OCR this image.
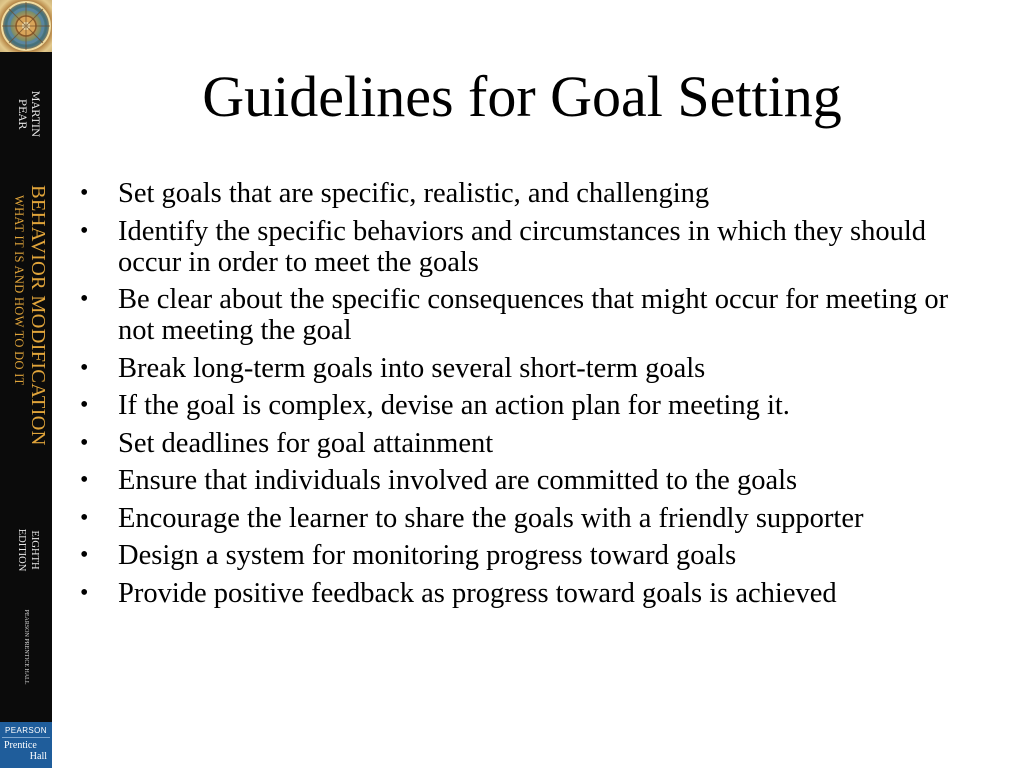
MARTIN
PEAR
BEHAVIOR MODIFICATION
WHAT IT IS AND HOW TO DO IT
EIGHTH
EDITION
PEARSON PRENTICE HALL
PEARSON
Prentice
Hall
Guidelines for Goal Setting
• Set goals that are specific, realistic, and challenging
• Identify the specific behaviors and circumstances in which they should occur in order to meet the goals
• Be clear about the specific consequences that might occur for meeting or not meeting the goal
• Break long-term goals into several short-term goals
• If the goal is complex, devise an action plan for meeting it.
• Set deadlines for goal attainment
• Ensure that individuals involved are committed to the goals
• Encourage the learner to share the goals with a friendly supporter
• Design a system for monitoring progress toward goals
• Provide positive feedback as progress toward goals is achieved
